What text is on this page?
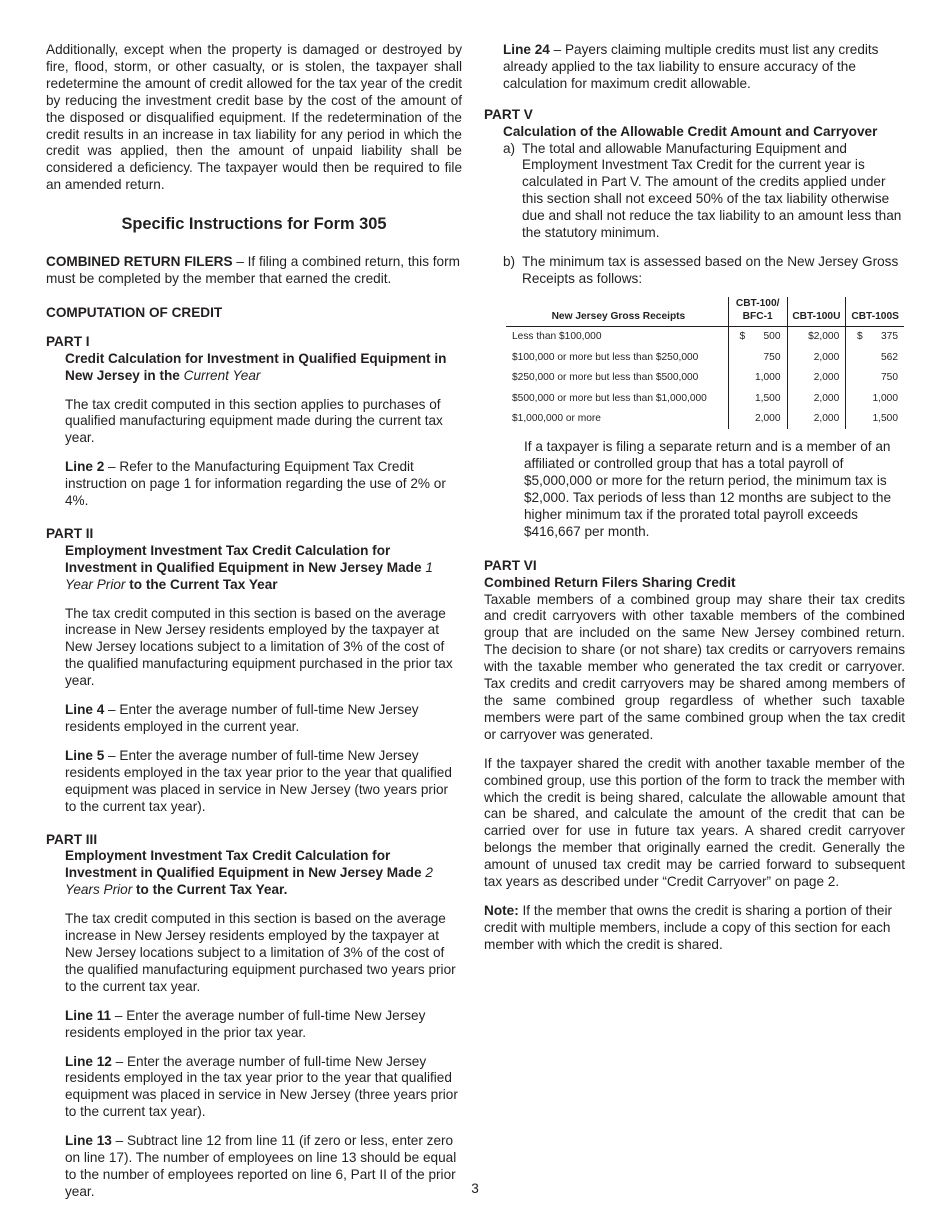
Additionally, except when the property is damaged or destroyed by fire, flood, storm, or other casualty, or is stolen, the taxpayer shall redetermine the amount of credit allowed for the tax year of the credit by reducing the investment credit base by the cost of the amount of the disposed or disqualified equipment. If the redetermination of the credit results in an increase in tax liability for any period in which the credit was applied, then the amount of unpaid liability shall be considered a deficiency. The taxpayer would then be required to file an amended return.

Specific Instructions for Form 305

COMBINED RETURN FILERS – If filing a combined return, this form must be completed by the member that earned the credit.

COMPUTATION OF CREDIT

PART I

Credit Calculation for Investment in Qualified Equipment in New Jersey in the Current Year

The tax credit computed in this section applies to purchases of qualified manufacturing equipment made during the current tax year.

Line 2 – Refer to the Manufacturing Equipment Tax Credit instruction on page 1 for information regarding the use of 2% or 4%.

PART II

Employment Investment Tax Credit Calculation for Investment in Qualified Equipment in New Jersey Made 1 Year Prior to the Current Tax Year

The tax credit computed in this section is based on the average increase in New Jersey residents employed by the taxpayer at New Jersey locations subject to a limitation of 3% of the cost of the qualified manufacturing equipment purchased in the prior tax year.

Line 4 – Enter the average number of full-time New Jersey residents employed in the current year.

Line 5 – Enter the average number of full-time New Jersey residents employed in the tax year prior to the year that qualified equipment was placed in service in New Jersey (two years prior to the current tax year).

PART III

Employment Investment Tax Credit Calculation for Investment in Qualified Equipment in New Jersey Made 2 Years Prior to the Current Tax Year.

The tax credit computed in this section is based on the average increase in New Jersey residents employed by the taxpayer at New Jersey locations subject to a limitation of 3% of the cost of the qualified manufacturing equipment purchased two years prior to the current tax year.

Line 11 – Enter the average number of full-time New Jersey residents employed in the prior tax year.

Line 12 – Enter the average number of full-time New Jersey residents employed in the tax year prior to the year that qualified equipment was placed in service in New Jersey (three years prior to the current tax year).

Line 13 – Subtract line 12 from line 11 (if zero or less, enter zero on line 17). The number of employees on line 13 should be equal to the number of employees reported on line 6, Part II of the prior year.

Line 24 – Payers claiming multiple credits must list any credits already applied to the tax liability to ensure accuracy of the calculation for maximum credit allowable.

PART V

Calculation of the Allowable Credit Amount and Carryover

a) The total and allowable Manufacturing Equipment and Employment Investment Tax Credit for the current year is calculated in Part V. The amount of the credits applied under this section shall not exceed 50% of the tax liability otherwise due and shall not reduce the tax liability to an amount less than the statutory minimum.

b) The minimum tax is assessed based on the New Jersey Gross Receipts as follows:

New Jersey Gross Receipts	CBT-100/ BFC-1	CBT-100U	CBT-100S
Less than $100,000	$ 500	$2,000	$ 375
$100,000 or more but less than $250,000	750	2,000	562
$250,000 or more but less than $500,000	1,000	2,000	750
$500,000 or more but less than $1,000,000	1,500	2,000	1,000
$1,000,000 or more	2,000	2,000	1,500

If a taxpayer is filing a separate return and is a member of an affiliated or controlled group that has a total payroll of $5,000,000 or more for the return period, the minimum tax is $2,000. Tax periods of less than 12 months are subject to the higher minimum tax if the prorated total payroll exceeds $416,667 per month.

PART VI

Combined Return Filers Sharing Credit

Taxable members of a combined group may share their tax credits and credit carryovers with other taxable members of the combined group that are included on the same New Jersey combined return. The decision to share (or not share) tax credits or carryovers remains with the taxable member who generated the tax credit or carryover. Tax credits and credit carryovers may be shared among members of the same combined group regardless of whether such taxable members were part of the same combined group when the tax credit or carryover was generated.

If the taxpayer shared the credit with another taxable member of the combined group, use this portion of the form to track the member with which the credit is being shared, calculate the allowable amount that can be shared, and calculate the amount of the credit that can be carried over for use in future tax years. A shared credit carryover belongs the member that originally earned the credit. Generally the amount of unused tax credit may be carried forward to subsequent tax years as described under “Credit Carryover” on page 2.

Note: If the member that owns the credit is sharing a portion of their credit with multiple members, include a copy of this section for each member with which the credit is shared.

3
